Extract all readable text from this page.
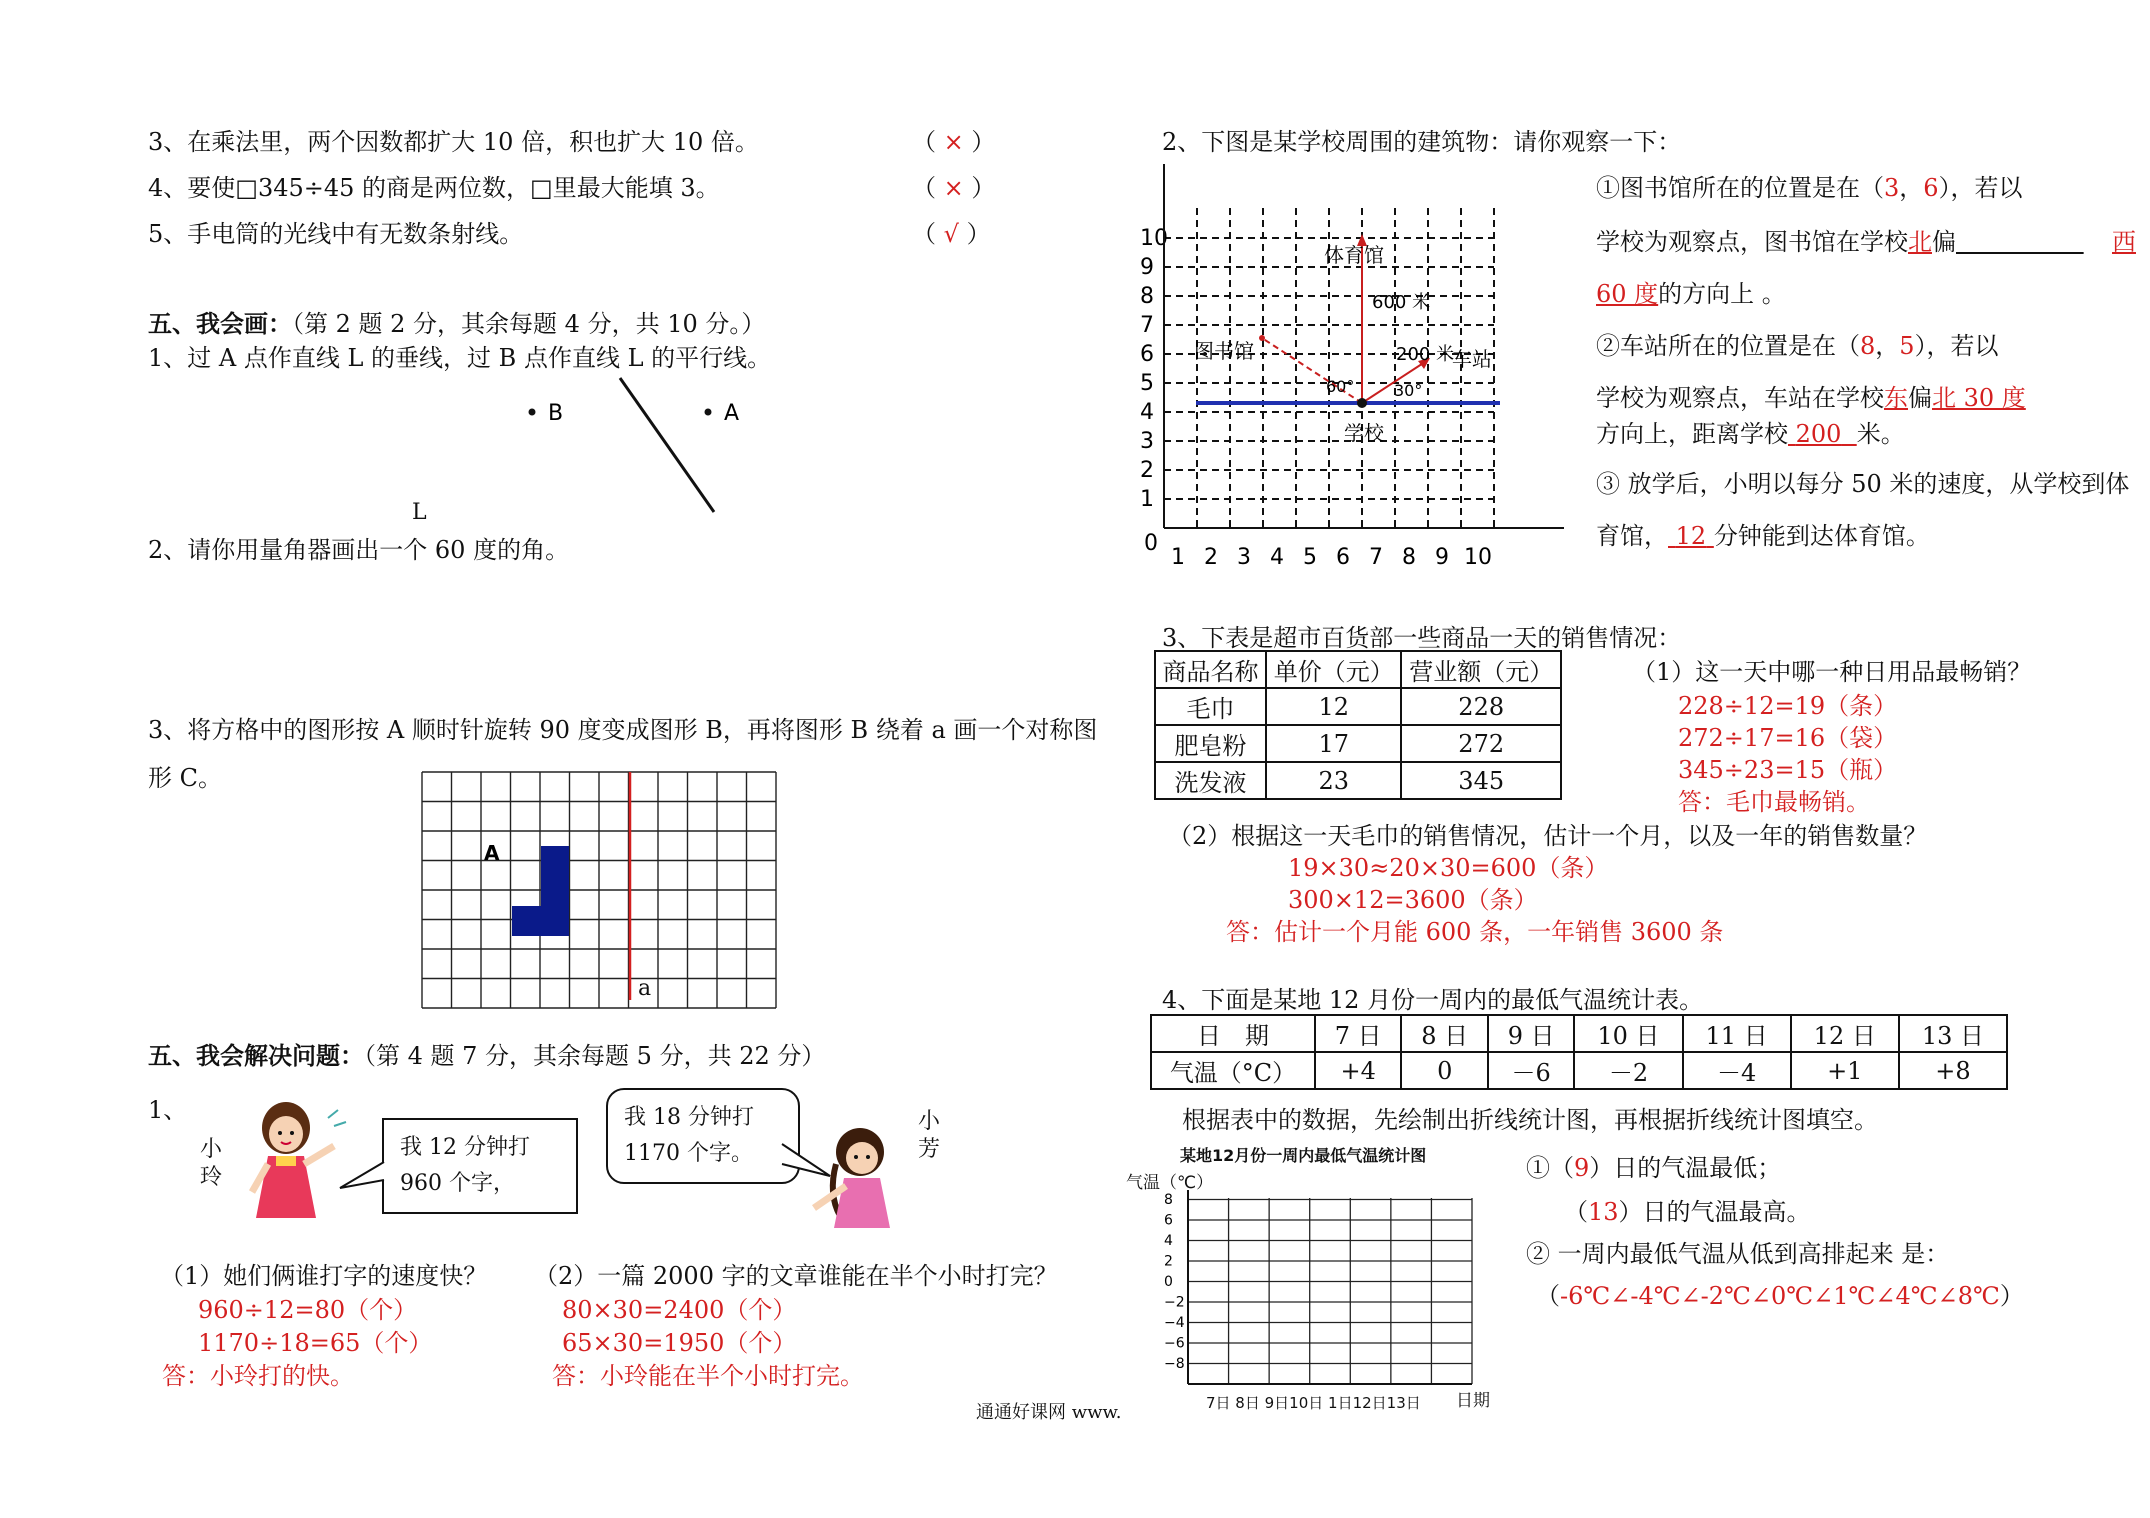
3、在乘法里，两个因数都扩大 10 倍，积也扩大 10 倍。	（ × ）
4、要使□345÷45 的商是两位数，□里最大能填 3。	（ × ）
5、手电筒的光线中有无数条射线。	（ √ ）
五、我会画：（第 2 题 2 分，其余每题 4 分，共 10 分。）
1、过 A 点作直线 L 的垂线，过 B 点作直线 L 的平行线。
B	A
L
2、请你用量角器画出一个 60 度的角。
3、将方格中的图形按 A 顺时针旋转 90 度变成图形 B，再将图形 B 绕着 a 画一个对称图
形 C。
A
a
五、我会解决问题：（第 4 题 7 分，其余每题 5 分，共 22 分）
1、
小玲
我 12 分钟打 960 个字，
我 18 分钟打 1170 个字。
小芳
（1）她们俩谁打字的速度快？
960÷12=80（个）
1170÷18=65（个）
答：小玲打的快。
（2）一篇 2000 字的文章谁能在半个小时打完？
80×30=2400（个）
65×30=1950（个）
答：小玲能在半个小时打完。
通通好课网 www.
2、下图是某学校周围的建筑物：请你观察一下：
0
1
2
3
4
5
6
7
8
9
10
1 2 3 4 5 6 7 8 9 10
体育馆
图书馆	车站
学校
600 米
200 米
60° 30°
①图书馆所在的位置是在（3，6），若以
学校为观察点，图书馆在学校北偏　　　 　　	西
60 度的方向上 。
②车站所在的位置是在（8，5），若以
学校为观察点，车站在学校东偏北 30 度
方向上，距离学校 200 米。
③ 放学后，小明以每分 50 米的速度，从学校到体
育馆， 12 分钟能到达体育馆。
3、下表是超市百货部一些商品一天的销售情况：
商品名称	单价（元）	营业额（元）
毛巾	12	228
肥皂粉	17	272
洗发液	23	345
（1）这一天中哪一种日用品最畅销？
228÷12=19（条）
272÷17=16（袋）
345÷23=15（瓶）
答：毛巾最畅销。
（2）根据这一天毛巾的销售情况，估计一个月，以及一年的销售数量？
19×30≈20×30=600（条）
300×12=3600（条）
答：估计一个月能 600 条，一年销售 3600 条
4、下面是某地 12 月份一周内的最低气温统计表。
日　期	7 日	8 日	9 日	10 日	11 日	12 日	13 日
气温（°C）	+4	0	－6	－2	－4	+1	+8
根据表中的数据，先绘制出折线统计图，再根据折线统计图填空。
某地12月份一周内最低气温统计图
气温（℃）
8
6
4
2
0
−2
−4
−6
−8
7日 8日 9日10日 1日12日13日 日期
①（9）日的气温最低；
（13）日的气温最高。
② 一周内最低气温从低到高排起来 是：
（-6℃∠-4℃∠-2℃∠0℃∠1℃∠4℃∠8℃）
